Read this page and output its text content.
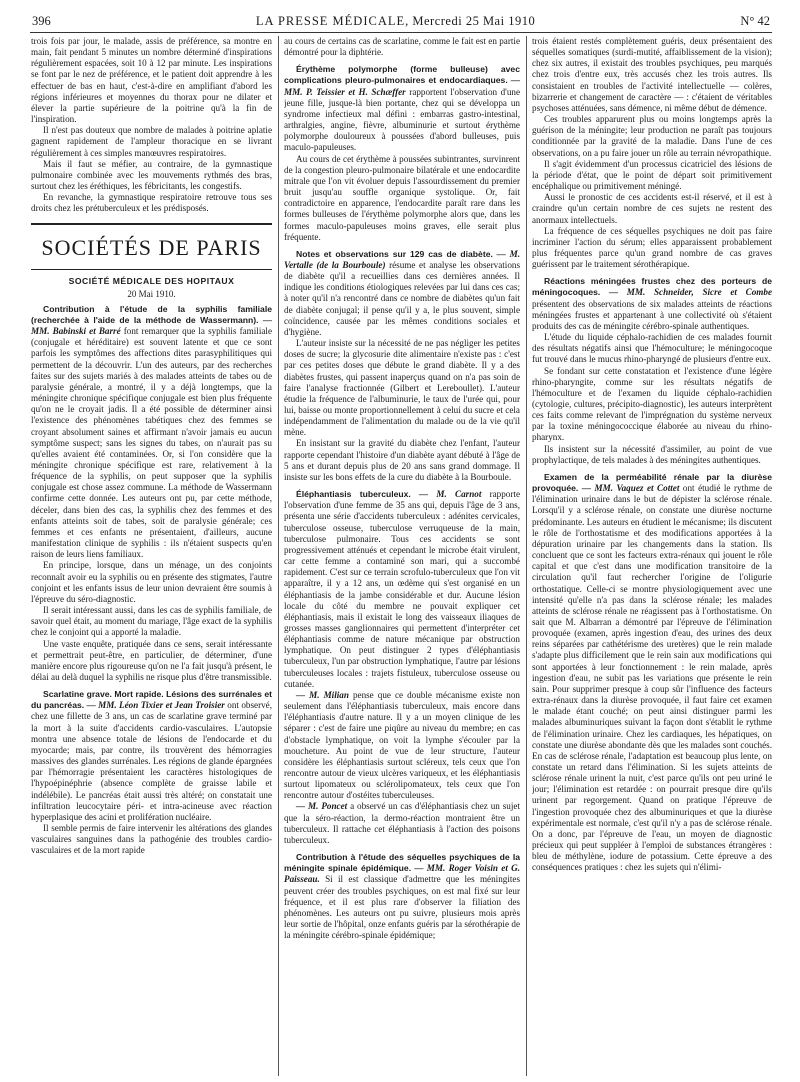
396	LA PRESSE MÉDICALE, Mercredi 25 Mai 1910	N° 42

trois fois par jour, le malade, assis de préférence, sa montre en main, fait pendant 5 minutes un nombre déterminé d'inspirations régulièrement espacées, soit 10 à 12 par minute. Les inspirations se font par le nez de préférence, et le patient doit apprendre à les effectuer de bas en haut, c'est-à-dire en amplifiant d'abord les régions inférieures et moyennes du thorax pour ne dilater et élever la partie supérieure de la poitrine qu'à la fin de l'inspiration.

Il n'est pas douteux que nombre de malades à poitrine aplatie gagnent rapidement de l'ampleur thoracique en se livrant régulièrement à ces simples manœuvres respiratoires.

Mais il faut se méfier, au contraire, de la gymnastique pulmonaire combinée avec les mouvements rythmés des bras, surtout chez les éréthiques, les fébricitants, les congestifs.

En revanche, la gymnastique respiratoire retrouve tous ses droits chez les prétuberculeux et les prédisposés.

SOCIÉTÉS DE PARIS
SOCIÉTÉ MÉDICALE DES HOPITAUX
20 Mai 1910.

Contribution à l'étude de la syphilis familiale (recherchée à l'aide de la méthode de Wassermann). — MM. Babinski et Barré font remarquer que la syphilis familiale (conjugale et héréditaire) est souvent latente et que ce sont parfois les symptômes des affections dites parasyphilitiques qui permettent de la découvrir. L'un des auteurs, par des recherches faites sur des sujets mariés à des malades atteints de tabes ou de paralysie générale, a montré, il y a déjà longtemps, que la méningite chronique spécifique conjugale est bien plus fréquente qu'on ne le croyait jadis. Il a été possible de déterminer ainsi l'existence des phénomènes tabétiques chez des femmes se croyant absolument saines et affirmant n'avoir jamais eu aucun symptôme suspect; sans les signes du tabes, on n'aurait pas su qu'elles avaient été contaminées. Or, si l'on considère que la méningite chronique spécifique est rare, relativement à la fréquence de la syphilis, on peut supposer que la syphilis conjugale est chose assez commune. La méthode de Wassermann confirme cette donnée. Les auteurs ont pu, par cette méthode, déceler, dans bien des cas, la syphilis chez des femmes et des enfants atteints soit de tabes, soit de paralysie générale; ces femmes et ces enfants ne présentaient, d'ailleurs, aucune manifestation clinique de syphilis : ils n'étaient suspects qu'en raison de leurs liens familiaux.

En principe, lorsque, dans un ménage, un des conjoints reconnaît avoir eu la syphilis ou en présente des stigmates, l'autre conjoint et les enfants issus de leur union devraient être soumis à l'épreuve du séro-diagnostic.

Il serait intéressant aussi, dans les cas de syphilis familiale, de savoir quel était, au moment du mariage, l'âge exact de la syphilis chez le conjoint qui a apporté la maladie.

Une vaste enquête, pratiquée dans ce sens, serait intéressante et permettrait peut-être, en particulier, de déterminer, d'une manière encore plus rigoureuse qu'on ne l'a fait jusqu'à présent, le délai au delà duquel la syphilis ne risque plus d'être transmissible.

Scarlatine grave. Mort rapide. Lésions des surrénales et du pancréas. — MM. Léon Tixier et Jean Troisier ont observé, chez une fillette de 3 ans, un cas de scarlatine grave terminé par la mort à la suite d'accidents cardio-vasculaires. L'autopsie montra une absence totale de lésions de l'endocarde et du myocarde; mais, par contre, ils trouvèrent des hémorragies massives des glandes surrénales. Les régions de glande épargnées par l'hémorragie présentaient les caractères histologiques de l'hypoépinéphrie (absence complète de graisse labile et indélébile). Le pancréas était aussi très altéré; on constatait une infiltration leucocytaire péri- et intra-acineuse avec réaction hyperplasique des acini et prolifération nucléaire.

Il semble permis de faire intervenir les altérations des glandes vasculaires sanguines dans la pathogénie des troubles cardio-vasculaires et de la mort rapide

au cours de certains cas de scarlatine, comme le fait est en partie démontré pour la diphtérie.

Érythème polymorphe (forme bulleuse) avec complications pleuro-pulmonaires et endocardiaques. — MM. P. Teissier et H. Schæffer rapportent l'observation d'une jeune fille, jusque-là bien portante, chez qui se développa un syndrome infectieux mal défini : embarras gastro-intestinal, arthralgies, angine, fièvre, albuminurie et surtout érythème polymorphe douloureux à poussées d'abord bulleuses, puis maculo-papuleuses.

Au cours de cet érythème à poussées subintrantes, survinrent de la congestion pleuro-pulmonaire bilatérale et une endocardite mitrale que l'on vit évoluer depuis l'assourdissement du premier bruit jusqu'au souffle organique systolique. Or, fait contradictoire en apparence, l'endocardite paraît rare dans les formes bulleuses de l'érythème polymorphe alors que, dans les formes maculo-papuleuses moins graves, elle serait plus fréquente.

Notes et observations sur 129 cas de diabète. — M. Vertalle (de la Bourboule) résume et analyse les observations de diabète qu'il a recueillies dans ces dernières années. Il indique les conditions étiologiques relevées par lui dans ces cas; à noter qu'il n'a rencontré dans ce nombre de diabètes qu'un fait de diabète conjugal; il pense qu'il y a, le plus souvent, simple coïncidence, causée par les mêmes conditions sociales et d'hygiène.

L'auteur insiste sur la nécessité de ne pas négliger les petites doses de sucre; la glycosurie dite alimentaire n'existe pas : c'est par ces petites doses que débute le grand diabète. Il y a des diabètes frustes, qui passent inaperçus quand on n'a pas soin de faire l'analyse fractionnée (Gilbert et Lereboullet). L'auteur étudie la fréquence de l'albuminurie, le taux de l'urée qui, pour lui, baisse ou monte proportionnellement à celui du sucre et cela indépendamment de l'alimentation du malade ou de la vie qu'il mène.

En insistant sur la gravité du diabète chez l'enfant, l'auteur rapporte cependant l'histoire d'un diabète ayant débuté à l'âge de 5 ans et durant depuis plus de 20 ans sans grand dommage. Il insiste sur les bons effets de la cure du diabète à la Bourboule.

Éléphantiasis tuberculeux. — M. Carnot rapporte l'observation d'une femme de 35 ans qui, depuis l'âge de 3 ans, présenta une série d'accidents tuberculeux : adénites cervicales, tuberculose osseuse, tuberculose verruqueuse de la main, tuberculose pulmonaire. Tous ces accidents se sont progressivement atténués et cependant le microbe était virulent, car cette femme a contaminé son mari, qui a succombé rapidement. C'est sur ce terrain scrofulo-tuberculeux que l'on vit apparaître, il y a 12 ans, un œdème qui s'est organisé en un éléphantiasis de la jambe considérable et dur. Aucune lésion locale du côté du membre ne pouvait expliquer cet éléphantiasis, mais il existait le long des vaisseaux iliaques de grosses masses ganglionnaires qui permettent d'interpréter cet éléphantiasis comme de nature mécanique par obstruction lymphatique. On peut distinguer 2 types d'éléphantiasis tuberculeux, l'un par obstruction lymphatique, l'autre par lésions tuberculeuses locales : trajets fistuleux, tuberculose osseuse ou cutanée.

— M. Milian pense que ce double mécanisme existe non seulement dans l'éléphantiasis tuberculeux, mais encore dans l'éléphantiasis d'autre nature. Il y a un moyen clinique de les séparer : c'est de faire une piqûre au niveau du membre; en cas d'obstacle lymphatique, on voit la lymphe s'écouler par la moucheture. Au point de vue de leur structure, l'auteur considère les éléphantiasis surtout scléreux, tels ceux que l'on rencontre autour de vieux ulcères variqueux, et les éléphantiasis surtout lipomateux ou sclérolipomateux, tels ceux que l'on rencontre autour d'ostéites tuberculeuses.

— M. Poncet a observé un cas d'éléphantiasis chez un sujet que la séro-réaction, la dermo-réaction montraient être un tuberculeux. Il rattache cet éléphantiasis à l'action des poisons tuberculeux.

Contribution à l'étude des séquelles psychiques de la méningite spinale épidémique. — MM. Roger Voisin et G. Paisseau. Si il est classique d'admettre que les méningites peuvent créer des troubles psychiques, on est mal fixé sur leur fréquence, et il est plus rare d'observer la filiation des phénomènes. Les auteurs ont pu suivre, plusieurs mois après leur sortie de l'hôpital, onze enfants guéris par la sérothérapie de la méningite cérébro-spinale épidémique;

trois étaient restés complètement guéris, deux présentaient des séquelles somatiques (surdi-mutité, affaiblissement de la vision); chez six autres, il existait des troubles psychiques, peu marqués chez trois d'entre eux, très accusés chez les trois autres. Ils consistaient en troubles de l'activité intellectuelle — colères, bizarrerie et changement de caractère — : c'étaient de véritables psychoses atténuées, sans démence, ni même début de démence.

Ces troubles apparurent plus ou moins longtemps après la guérison de la méningite; leur production ne paraît pas toujours conditionnée par la gravité de la maladie. Dans l'une de ces observations, on a pu faire jouer un rôle au terrain névropathique.

Il s'agit évidemment d'un processus cicatriciel des lésions de la période d'état, que le point de départ soit primitivement encéphalique ou primitivement méningé.

Aussi le pronostic de ces accidents est-il réservé, et il est à craindre qu'un certain nombre de ces sujets ne restent des anormaux intellectuels.

La fréquence de ces séquelles psychiques ne doit pas faire incriminer l'action du sérum; elles apparaissent probablement plus fréquentes parce qu'un grand nombre de cas graves guérissent par le traitement sérothérapique.

Réactions méningées frustes chez des porteurs de méningocoques. — MM. Schneider, Sicre et Combe présentent des observations de six malades atteints de réactions méningées frustes et appartenant à une collectivité où s'étaient produits des cas de méningite cérébro-spinale authentiques.

L'étude du liquide céphalo-rachidien de ces malades fournit des résultats négatifs ainsi que l'hémoculture; le méningocoque fut trouvé dans le mucus rhino-pharyngé de plusieurs d'entre eux.

Se fondant sur cette constatation et l'existence d'une légère rhino-pharyngite, comme sur les résultats négatifs de l'hémoculture et de l'examen du liquide céphalo-rachidien (cytologie, cultures, précipito-diagnostic), les auteurs interprètent ces faits comme relevant de l'imprégnation du système nerveux par la toxine méningococcique élaborée au niveau du rhino-pharynx.

Ils insistent sur la nécessité d'assimiler, au point de vue prophylactique, de tels malades à des méningites authentiques.

Examen de la perméabilité rénale par la diurèse provoquée. — MM. Vaquez et Cottet ont étudié le rythme de l'élimination urinaire dans le but de dépister la sclérose rénale. Lorsqu'il y a sclérose rénale, on constate une diurèse nocturne prédominante. Les auteurs en étudient le mécanisme; ils discutent le rôle de l'orthostatisme et des modifications apportées à la dépuration urinaire par les changements dans la station. Ils concluent que ce sont les facteurs extra-rénaux qui jouent le rôle capital et que c'est dans une modification transitoire de la circulation qu'il faut rechercher l'origine de l'oligurie orthostatique. Celle-ci se montre physiologiquement avec une intensité qu'elle n'a pas dans la sclérose rénale; les malades atteints de sclérose rénale ne réagissent pas à l'orthostatisme. On sait que M. Albarran a démontré par l'épreuve de l'élimination provoquée (examen, après ingestion d'eau, des urines des deux reins séparées par cathétérisme des uretères) que le rein malade s'adapte plus difficilement que le rein sain aux modifications qui sont apportées à leur fonctionnement : le rein malade, après ingestion d'eau, ne subit pas les variations que présente le rein sain. Pour supprimer presque à coup sûr l'influence des facteurs extra-rénaux dans la diurèse provoquée, il faut faire cet examen le malade étant couché; on peut ainsi distinguer parmi les malades albuminuriques suivant la façon dont s'établit le rythme de l'élimination urinaire. Chez les cardiaques, les hépatiques, on constate une diurèse abondante dès que les malades sont couchés. En cas de sclérose rénale, l'adaptation est beaucoup plus lente, on constate un retard dans l'élimination. Si les sujets atteints de sclérose rénale urinent la nuit, c'est parce qu'ils ont peu uriné le jour; l'élimination est retardée : on pourrait presque dire qu'ils urinent par regorgement. Quand on pratique l'épreuve de l'ingestion provoquée chez des albuminuriques et que la diurèse expérimentale est normale, c'est qu'il n'y a pas de sclérose rénale. On a donc, par l'épreuve de l'eau, un moyen de diagnostic précieux qui peut suppléer à l'emploi de substances étrangères : bleu de méthylène, iodure de potassium. Cette épreuve a des conséquences pratiques : chez les sujets qui n'élimi-
